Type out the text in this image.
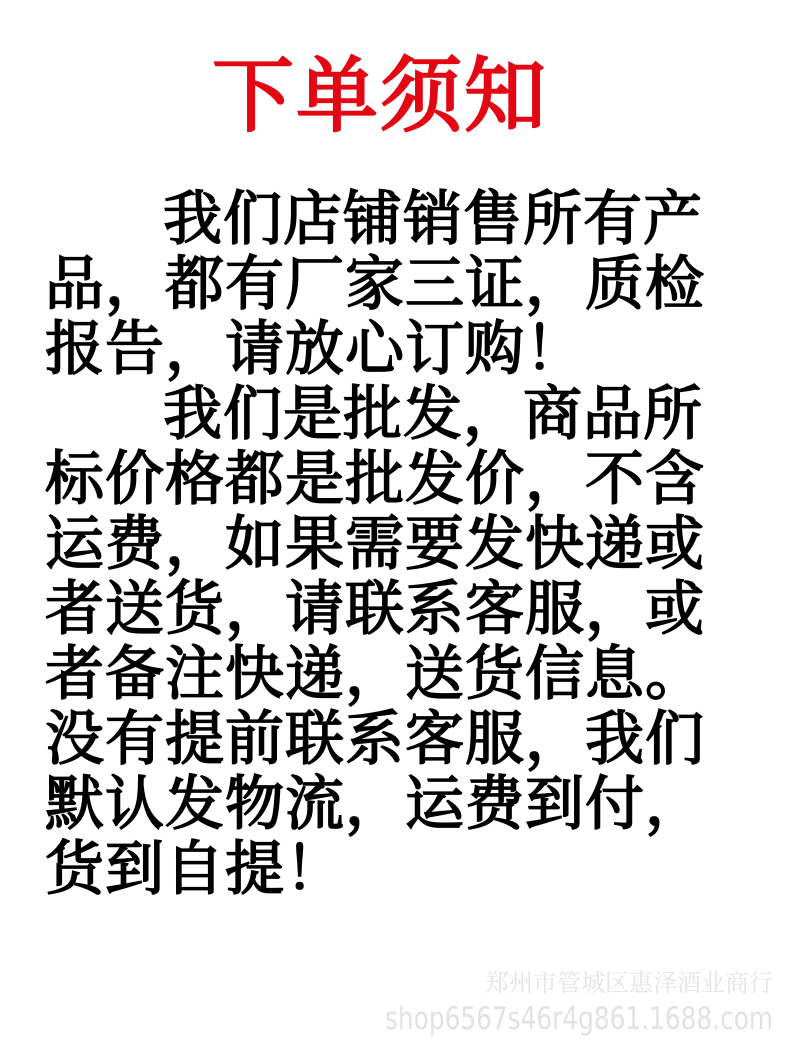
下单须知
我们店铺销售所有产
品，都有厂家三证，质检
报告，请放心订购！
我们是批发，商品所
标价格都是批发价，不含
运费，如果需要发快递或
者送货，请联系客服，或
者备注快递，送货信息。
没有提前联系客服，我们
默认发物流，运费到付，
货到自提！
郑州市管城区惠泽酒业商行
shop6567s46r4g861.1688.com
